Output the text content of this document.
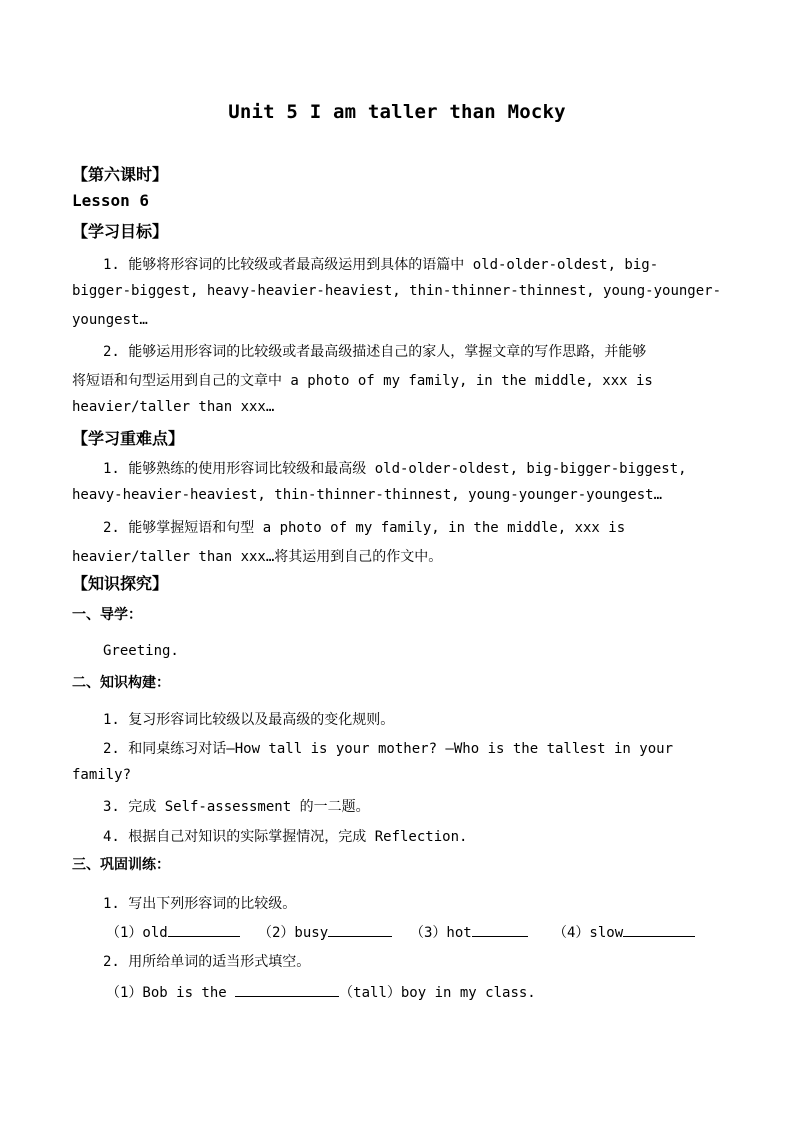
Unit 5 I am taller than Mocky
【第六课时】
Lesson 6
【学习目标】
1. 能够将形容词的比较级或者最高级运用到具体的语篇中 old-older-oldest, big-
bigger-biggest, heavy-heavier-heaviest, thin-thinner-thinnest, young-younger-
youngest…
2. 能够运用形容词的比较级或者最高级描述自己的家人，掌握文章的写作思路，并能够
将短语和句型运用到自己的文章中 a photo of my family, in the middle, xxx is
heavier/taller than xxx…
【学习重难点】
1. 能够熟练的使用形容词比较级和最高级 old-older-oldest, big-bigger-biggest,
heavy-heavier-heaviest, thin-thinner-thinnest, young-younger-youngest…
2. 能够掌握短语和句型 a photo of my family, in the middle, xxx is
heavier/taller than xxx…将其运用到自己的作文中。
【知识探究】
一、导学：
Greeting.
二、知识构建：
1. 复习形容词比较级以及最高级的变化规则。
2. 和同桌练习对话—How tall is your mother? —Who is the tallest in your
family?
3. 完成 Self-assessment 的一二题。
4. 根据自己对知识的实际掌握情况，完成 Reflection.
三、巩固训练：
1. 写出下列形容词的比较级。
（1）old	（2）busy	（3）hot	（4）slow
2. 用所给单词的适当形式填空。
（1）Bob is the	（tall）boy in my class.
